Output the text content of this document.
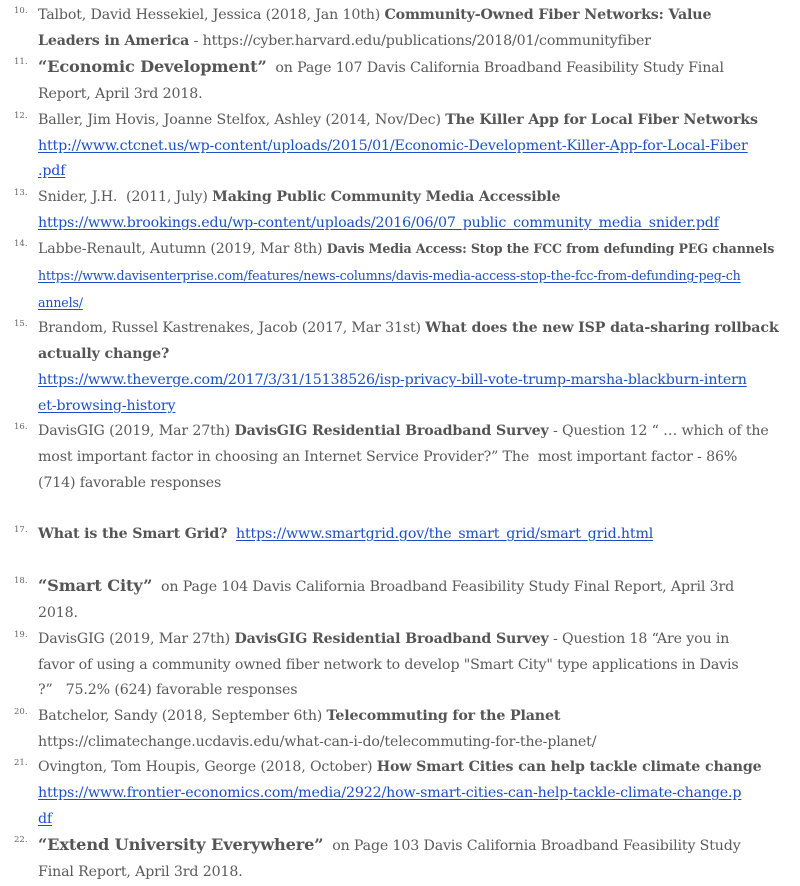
10. Talbot, David Hessekiel, Jessica (2018, Jan 10th) Community-Owned Fiber Networks: Value
Leaders in America - https://cyber.harvard.edu/publications/2018/01/communityfiber
11. “Economic Development”  on Page 107 Davis California Broadband Feasibility Study Final
Report, April 3rd 2018.
12. Baller, Jim Hovis, Joanne Stelfox, Ashley (2014, Nov/Dec) The Killer App for Local Fiber Networks
http://www.ctcnet.us/wp-content/uploads/2015/01/Economic-Development-Killer-App-for-Local-Fiber
.pdf
13. Snider, J.H.  (2011, July) Making Public Community Media Accessible
https://www.brookings.edu/wp-content/uploads/2016/06/07_public_community_media_snider.pdf
14. Labbe-Renault, Autumn (2019, Mar 8th) Davis Media Access: Stop the FCC from defunding PEG channels
https://www.davisenterprise.com/features/news-columns/davis-media-access-stop-the-fcc-from-defunding-peg-ch
annels/
15. Brandom, Russel Kastrenakes, Jacob (2017, Mar 31st) What does the new ISP data-sharing rollback
actually change?
https://www.theverge.com/2017/3/31/15138526/isp-privacy-bill-vote-trump-marsha-blackburn-intern
et-browsing-history
16. DavisGIG (2019, Mar 27th) DavisGIG Residential Broadband Survey - Question 12 “ … which of the
most important factor in choosing an Internet Service Provider?” The  most important factor - 86%
(714) favorable responses
17. What is the Smart Grid? https://www.smartgrid.gov/the_smart_grid/smart_grid.html
18. “Smart City”  on Page 104 Davis California Broadband Feasibility Study Final Report, April 3rd
2018.
19. DavisGIG (2019, Mar 27th) DavisGIG Residential Broadband Survey - Question 18 “Are you in
favor of using a community owned fiber network to develop "Smart City" type applications in Davis
?”   75.2% (624) favorable responses
20. Batchelor, Sandy (2018, September 6th) Telecommuting for the Planet
https://climatechange.ucdavis.edu/what-can-i-do/telecommuting-for-the-planet/
21. Ovington, Tom Houpis, George (2018, October) How Smart Cities can help tackle climate change
https://www.frontier-economics.com/media/2922/how-smart-cities-can-help-tackle-climate-change.p
df
22. “Extend University Everywhere”  on Page 103 Davis California Broadband Feasibility Study
Final Report, April 3rd 2018.
